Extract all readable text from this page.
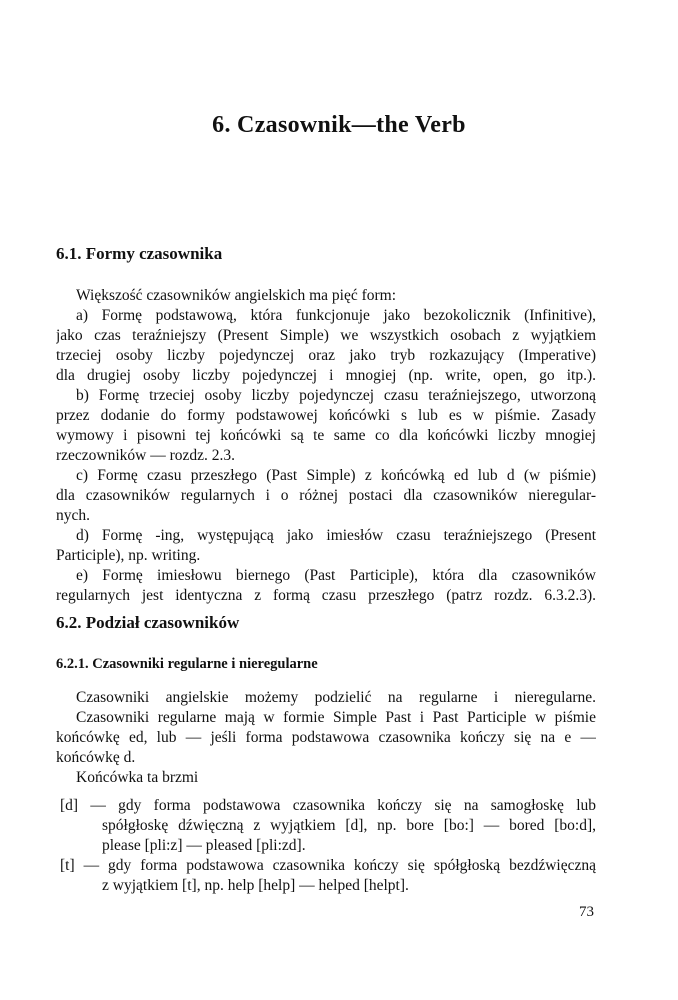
6. Czasownik—the Verb
6.1. Formy czasownika
Większość czasowników angielskich ma pięć form:
a) Formę podstawową, która funkcjonuje jako bezokolicznik (Infinitive),
jako czas teraźniejszy (Present Simple) we wszystkich osobach z wyjątkiem
trzeciej osoby liczby pojedynczej oraz jako tryb rozkazujący (Imperative)
dla drugiej osoby liczby pojedynczej i mnogiej (np. write, open, go itp.).
b) Formę trzeciej osoby liczby pojedynczej czasu teraźniejszego, utworzoną
przez dodanie do formy podstawowej końcówki s lub es w piśmie. Zasady
wymowy i pisowni tej końcówki są te same co dla końcówki liczby mnogiej
rzeczowników — rozdz. 2.3.
c) Formę czasu przeszłego (Past Simple) z końcówką ed lub d (w piśmie)
dla czasowników regularnych i o różnej postaci dla czasowników nieregular-
nych.
d) Formę -ing, występującą jako imiesłów czasu teraźniejszego (Present
Participle), np. writing.
e) Formę imiesłowu biernego (Past Participle), która dla czasowników
regularnych jest identyczna z formą czasu przeszłego (patrz rozdz. 6.3.2.3).
6.2. Podział czasowników
6.2.1. Czasowniki regularne i nieregularne
Czasowniki angielskie możemy podzielić na regularne i nieregularne.
Czasowniki regularne mają w formie Simple Past i Past Participle w piśmie
końcówkę ed, lub — jeśli forma podstawowa czasownika kończy się na e —
końcówkę d.
Końcówka ta brzmi
[d] — gdy forma podstawowa czasownika kończy się na samogłoskę lub
spółgłoskę dźwięczną z wyjątkiem [d], np. bore [bo:] — bored [bo:d],
please [pli:z] — pleased [pli:zd].
[t] — gdy forma podstawowa czasownika kończy się spółgłoską bezdźwięczną
z wyjątkiem [t], np. help [help] — helped [helpt].
73
